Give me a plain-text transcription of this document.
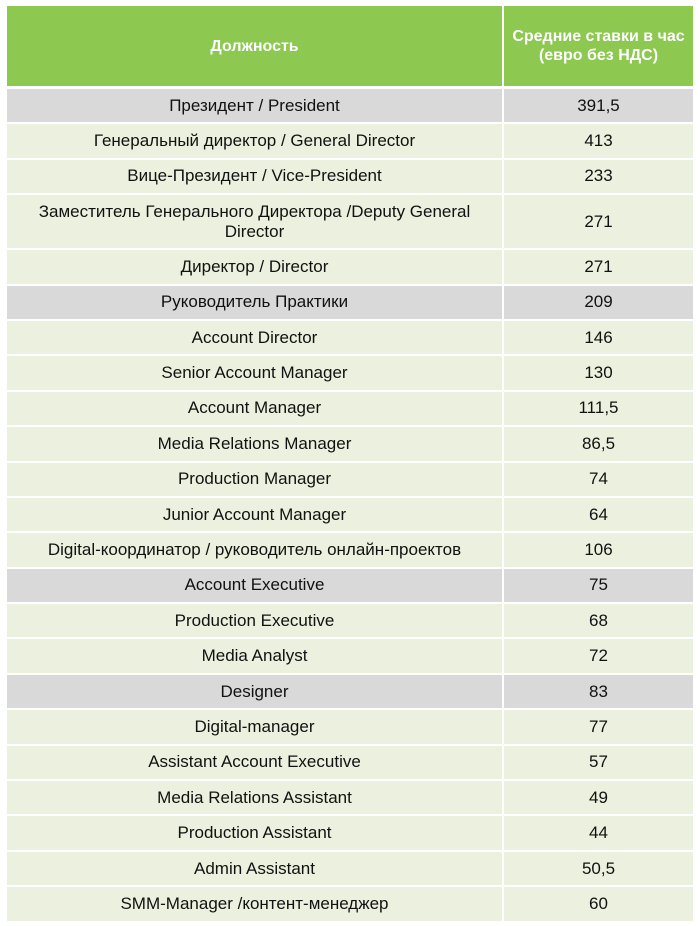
Должность	Средние ставки в час (евро без НДС)
Президент / President	391,5
Генеральный директор / General Director	413
Вице-Президент / Vice-President	233
Заместитель Генерального Директора /Deputy General Director	271
Директор / Director	271
Руководитель Практики	209
Account Director	146
Senior Account Manager	130
Account Manager	111,5
Media Relations Manager	86,5
Production Manager	74
Junior Account Manager	64
Digital-координатор / руководитель онлайн-проектов	106
Account Executive	75
Production Executive	68
Media Analyst	72
Designer	83
Digital-manager	77
Assistant Account Executive	57
Media Relations Assistant	49
Production Assistant	44
Admin Assistant	50,5
SMM-Manager /контент-менеджер	60
